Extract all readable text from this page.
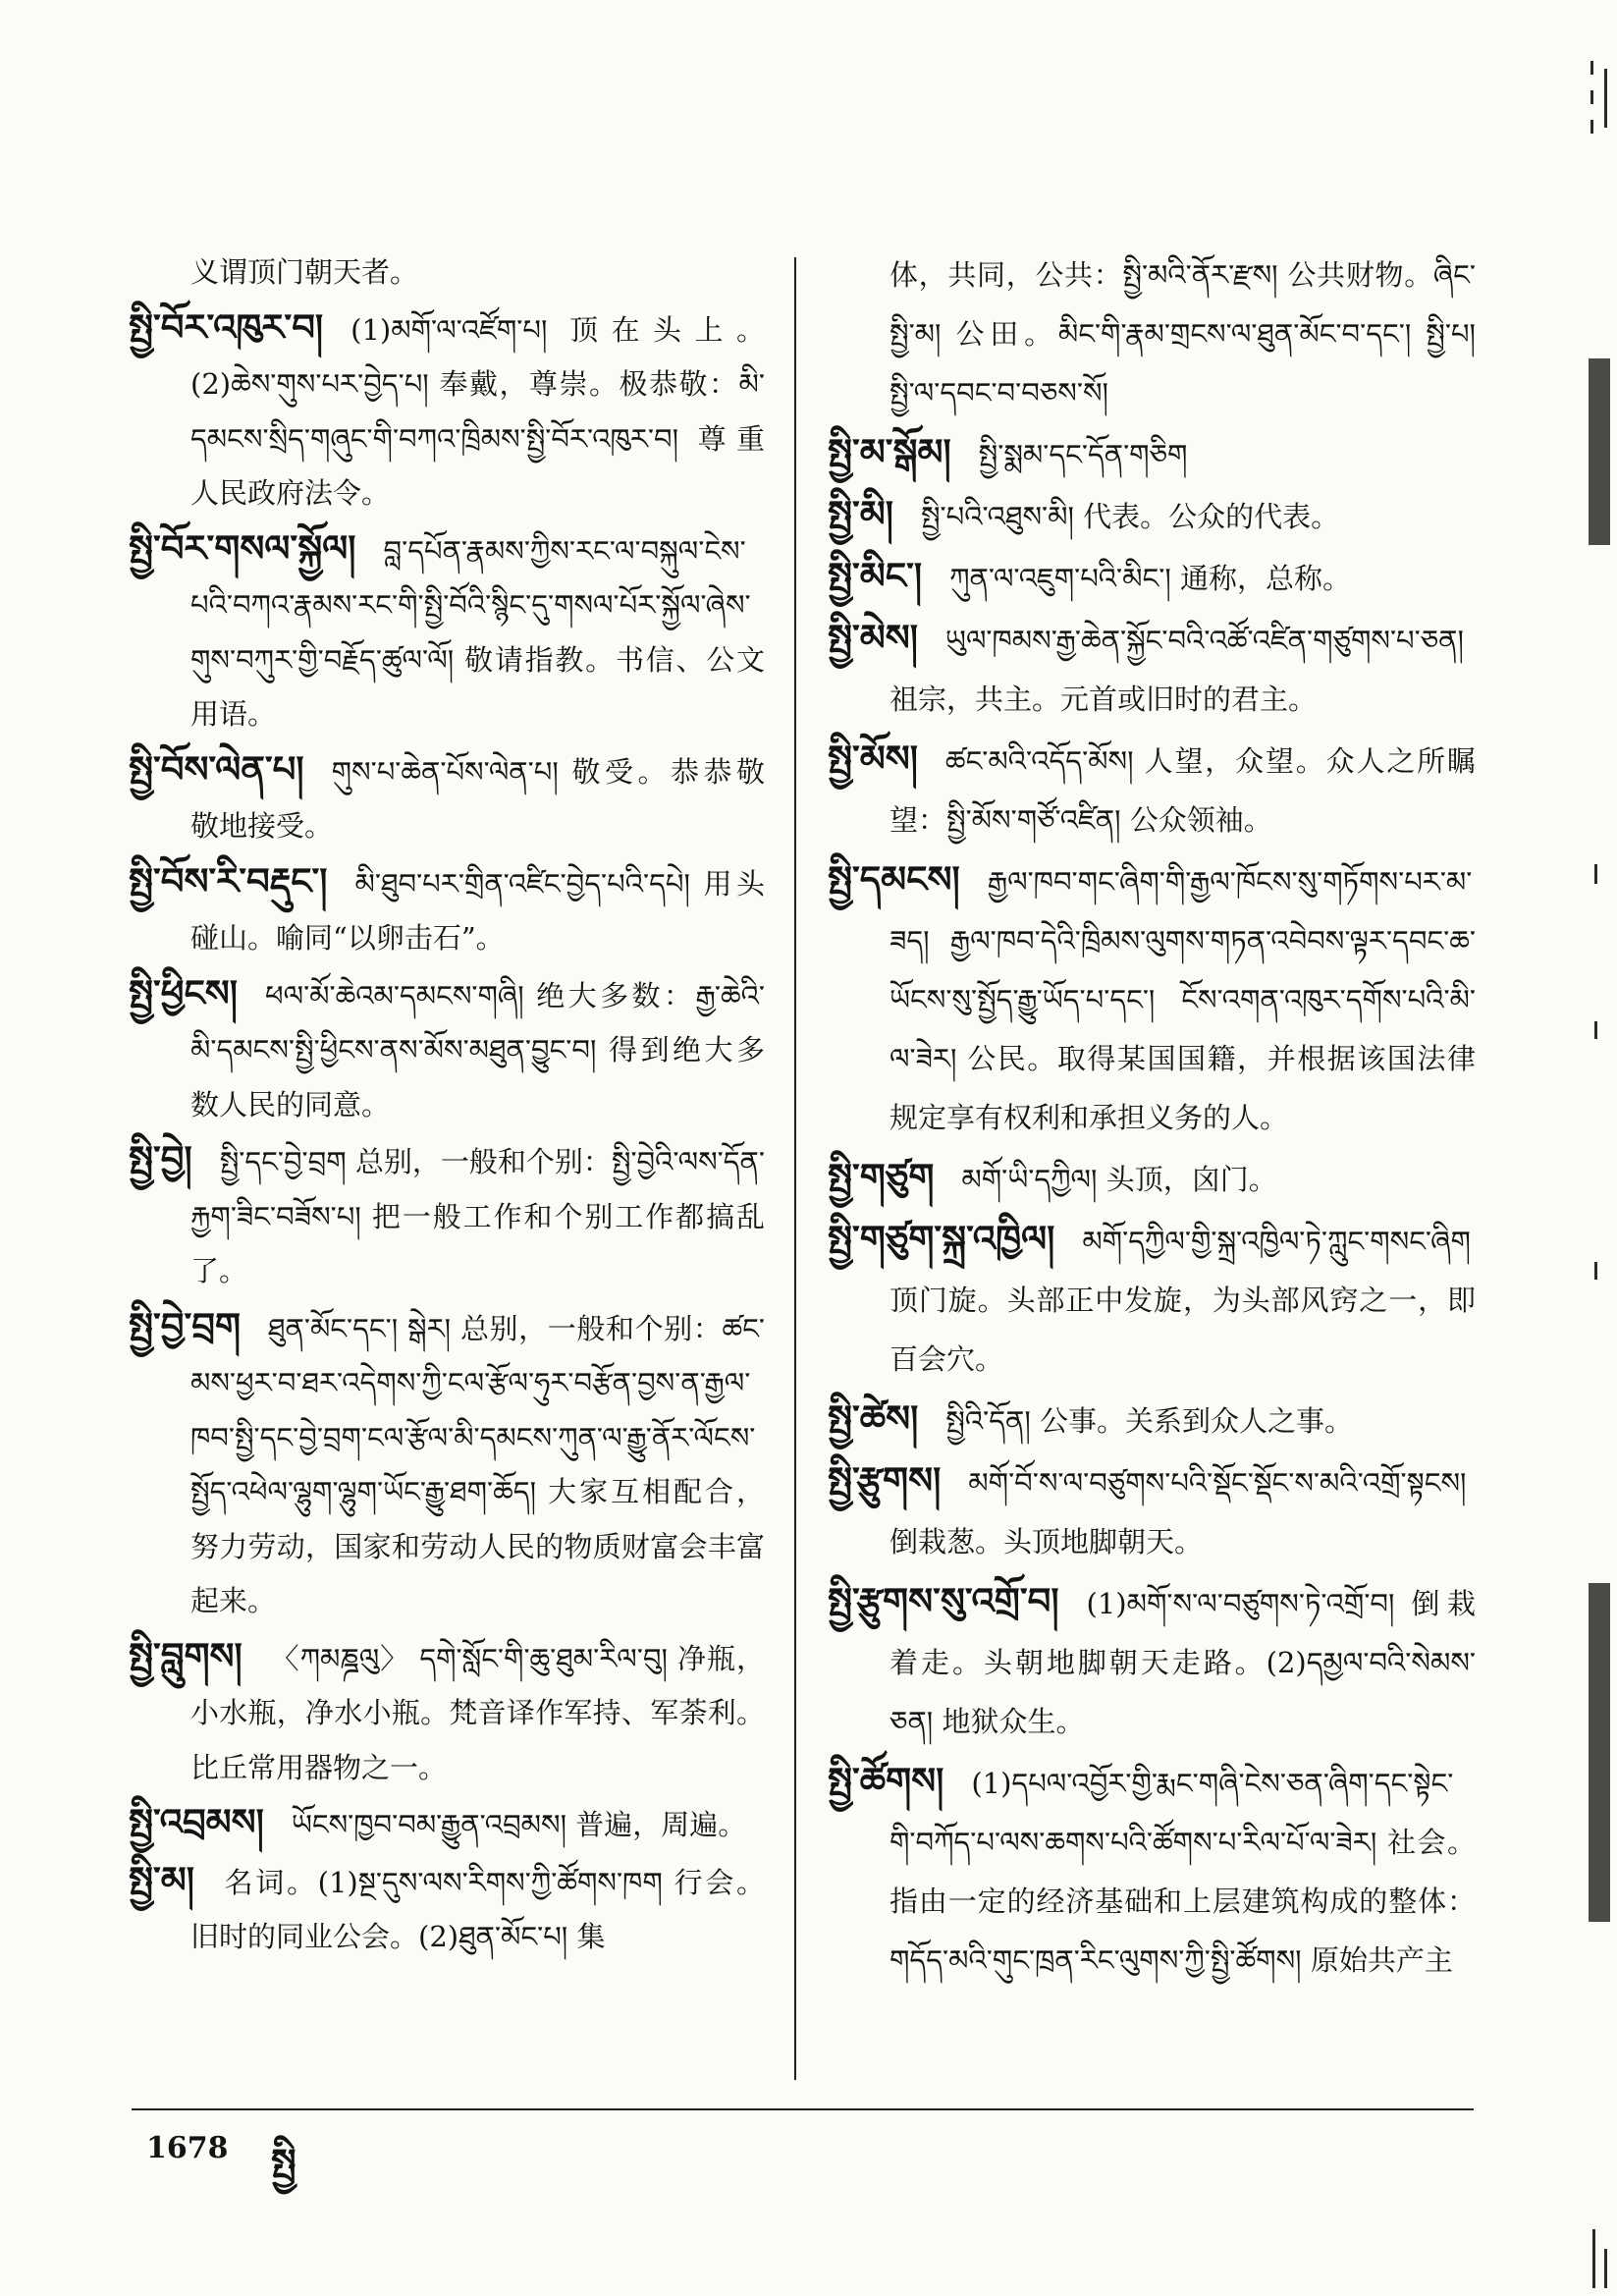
义谓顶门朝天者。
སྤྱི་བོར་འཁུར་བ། (1)མགོ་ལ་འཛོག་པ། 顶在头上。(2)ཆེས་གུས་པར་བྱེད་པ། 奉戴，尊崇。极恭敬：མི་དམངས་སྲིད་གཞུང་གི་བཀའ་ཁྲིམས་སྤྱི་བོར་འཁུར་བ། 尊重人民政府法令。
སྤྱི་བོར་གསལ་སྐྱོལ། བླ་དཔོན་རྣམས་ཀྱིས་རང་ལ་བསྐུལ་ངེས་པའི་བཀའ་རྣམས་རང་གི་སྤྱི་བོའི་སྙིང་དུ་གསལ་པོར་སྐྱོལ་ཞེས་གུས་བཀུར་གྱི་བརྗོད་ཚུལ་ལོ། 敬请指教。书信、公文用语。
སྤྱི་བོས་ལེན་པ། གུས་པ་ཆེན་པོས་ལེན་པ། 敬受。恭恭敬敬地接受。
སྤྱི་བོས་རི་བརྡུང་། མི་ཐུབ་པར་གྲིན་འཛིང་བྱེད་པའི་དཔེ། 用头碰山。喻同“以卵击石”。
སྤྱི་ཕྱིངས། ཕལ་མོ་ཆེའམ་དམངས་གཞི། 绝大多数：རྒྱ་ཆེའི་མི་དམངས་སྤྱི་ཕྱིངས་ནས་མོས་མཐུན་བྱུང་བ། 得到绝大多数人民的同意。
སྤྱི་བྱེ། སྤྱི་དང་བྱེ་བྲག 总别，一般和个别：སྤྱི་བྱེའི་ལས་དོན་རྐྱག་ཟིང་བཟོས་པ། 把一般工作和个别工作都搞乱了。
སྤྱི་བྱེ་བྲག ཐུན་མོང་དང་། སྒེར། 总别，一般和个别：ཚང་མས་ཕྱར་བ་ཐར་འདེགས་ཀྱི་ངལ་རྩོལ་ཧུར་བརྩོན་བྱས་ན་རྒྱལ་ཁབ་སྤྱི་དང་བྱེ་བྲག་ངལ་རྩོལ་མི་དམངས་ཀུན་ལ་རྒྱུ་ནོར་ལོངས་སྤྱོད་འཕེལ་ལྷུག་ལྷུག་ཡོང་རྒྱུ་ཐག་ཆོད། 大家互相配合，努力劳动，国家和劳动人民的物质财富会丰富起来。
སྤྱི་བླུགས། 〈ཀམཎྜལུ〉 དགེ་སློང་གི་ཆུ་ཐུམ་རིལ་བུ། 净瓶，小水瓶，净水小瓶。梵音译作军持、军荼利。比丘常用器物之一。
སྤྱི་འབྲམས། ཡོངས་ཁྱབ་བམ་རྒྱུན་འབྲམས། 普遍，周遍。
སྤྱི་མ། 名词。(1)སྔ་དུས་ལས་རིགས་ཀྱི་ཚོགས་ཁག 行会。旧时的同业公会。(2)ཐུན་མོང་པ། 集
体，共同，公共：སྤྱི་མའི་ནོར་རྫས། 公共财物。ཞིང་སྤྱི་མ། 公田。མིང་གི་རྣམ་གྲངས་ལ་ཐུན་མོང་བ་དང་། སྤྱི་པ། སྤྱི་ལ་དབང་བ་བཅས་སོ།
སྤྱི་མ་སྒོམ། སྤྱི་སྨམ་དང་དོན་གཅིག
སྤྱི་མི། སྤྱི་པའི་འཐུས་མི། 代表。公众的代表。
སྤྱི་མིང་། ཀུན་ལ་འཇུག་པའི་མིང་། 通称，总称。
སྤྱི་མེས། ཡུལ་ཁམས་རྒྱ་ཆེན་སྐྱོང་བའི་འཚོ་འཛིན་གཙུགས་པ་ཅན། 祖宗，共主。元首或旧时的君主。
སྤྱི་མོས། ཚང་མའི་འདོད་མོས། 人望，众望。众人之所瞩望：སྤྱི་མོས་གཙོ་འཛིན། 公众领袖。
སྤྱི་དམངས། རྒྱལ་ཁབ་གང་ཞིག་གི་རྒྱལ་ཁོངས་སུ་གཏོགས་པར་མ་ཟད། རྒྱལ་ཁབ་དེའི་ཁྲིམས་ལུགས་གཏན་འབེབས་ལྟར་དབང་ཆ་ཡོངས་སུ་སྤྱོད་རྒྱུ་ཡོད་པ་དང་། ངོས་འགན་འཁུར་དགོས་པའི་མི་ལ་ཟེར། 公民。取得某国国籍，并根据该国法律规定享有权利和承担义务的人。
སྤྱི་གཙུག མགོ་ཡི་དཀྱིལ། 头顶，囟门。
སྤྱི་གཙུག་སྐྲ་འཁྱིལ། མགོ་དཀྱིལ་གྱི་སྐྲ་འཁྱིལ་ཏེ་ཀླུང་གསང་ཞིག 顶门旋。头部正中发旋，为头部风窍之一，即百会穴。
སྤྱི་ཚེས། སྤྱིའི་དོན། 公事。关系到众人之事。
སྤྱི་རྩུགས། མགོ་བོ་ས་ལ་བཙུགས་པའི་སྡོང་སྡོང་ས་མའི་འགྲོ་སྟངས། 倒栽葱。头顶地脚朝天。
སྤྱི་རྩུགས་སུ་འགྲོ་བ། (1)མགོ་ས་ལ་བཙུགས་ཏེ་འགྲོ་བ། 倒栽着走。头朝地脚朝天走路。(2)དམྱལ་བའི་སེམས་ཅན། 地狱众生。
སྤྱི་ཚོགས། (1)དཔལ་འབྱོར་གྱི་རྨང་གཞི་ངེས་ཅན་ཞིག་དང་སྟེང་གི་བཀོད་པ་ལས་ཆགས་པའི་ཚོགས་པ་རིལ་པོ་ལ་ཟེར། 社会。指由一定的经济基础和上层建筑构成的整体：གདོད་མའི་གུང་ཁྲན་རིང་ལུགས་ཀྱི་སྤྱི་ཚོགས། 原始共产主
1678 སྤྱི
